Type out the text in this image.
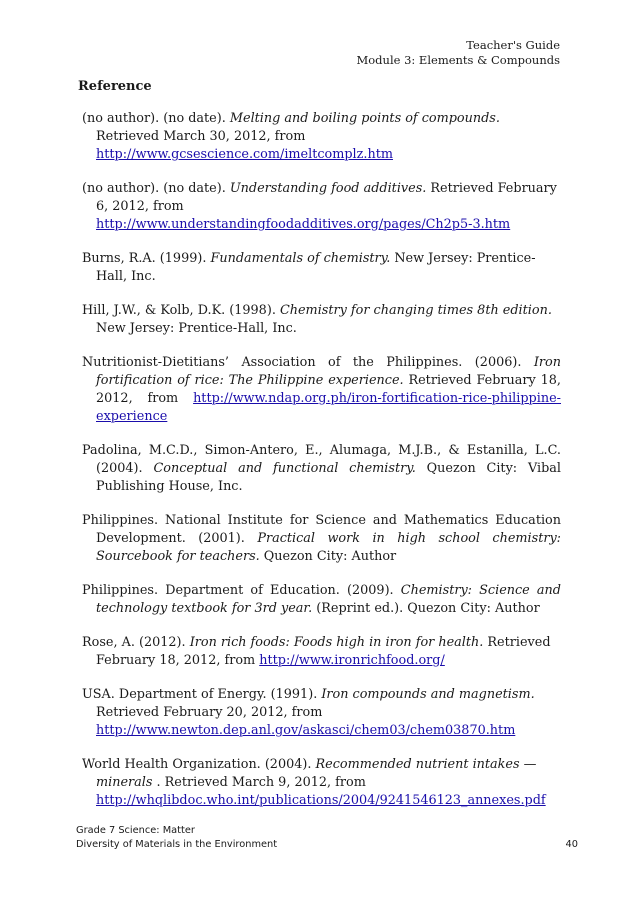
Teacher's Guide
Module 3: Elements & Compounds
Reference
(no author). (no date). Melting and boiling points of compounds. Retrieved March 30, 2012, from http://www.gcsescience.com/imeltcomplz.htm
(no author). (no date). Understanding food additives. Retrieved February 6, 2012, from http://www.understandingfoodadditives.org/pages/Ch2p5-3.htm
Burns, R.A. (1999). Fundamentals of chemistry. New Jersey: Prentice-Hall, Inc.
Hill, J.W., & Kolb, D.K. (1998). Chemistry for changing times 8th edition. New Jersey: Prentice-Hall, Inc.
Nutritionist-Dietitians’ Association of the Philippines. (2006). Iron fortification of rice: The Philippine experience. Retrieved February 18, 2012, from http://www.ndap.org.ph/iron-fortification-rice-philippine-experience
Padolina, M.C.D., Simon-Antero, E., Alumaga, M.J.B., & Estanilla, L.C. (2004). Conceptual and functional chemistry. Quezon City: Vibal Publishing House, Inc.
Philippines. National Institute for Science and Mathematics Education Development. (2001). Practical work in high school chemistry: Sourcebook for teachers. Quezon City: Author
Philippines. Department of Education. (2009). Chemistry: Science and technology textbook for 3rd year. (Reprint ed.). Quezon City: Author
Rose, A. (2012). Iron rich foods: Foods high in iron for health. Retrieved February 18, 2012, from http://www.ironrichfood.org/
USA. Department of Energy. (1991). Iron compounds and magnetism. Retrieved February 20, 2012, from http://www.newton.dep.anl.gov/askasci/chem03/chem03870.htm
World Health Organization. (2004). Recommended nutrient intakes — minerals . Retrieved March 9, 2012, from http://whqlibdoc.who.int/publications/2004/9241546123_annexes.pdf
Grade 7 Science: Matter
Diversity of Materials in the Environment	40
